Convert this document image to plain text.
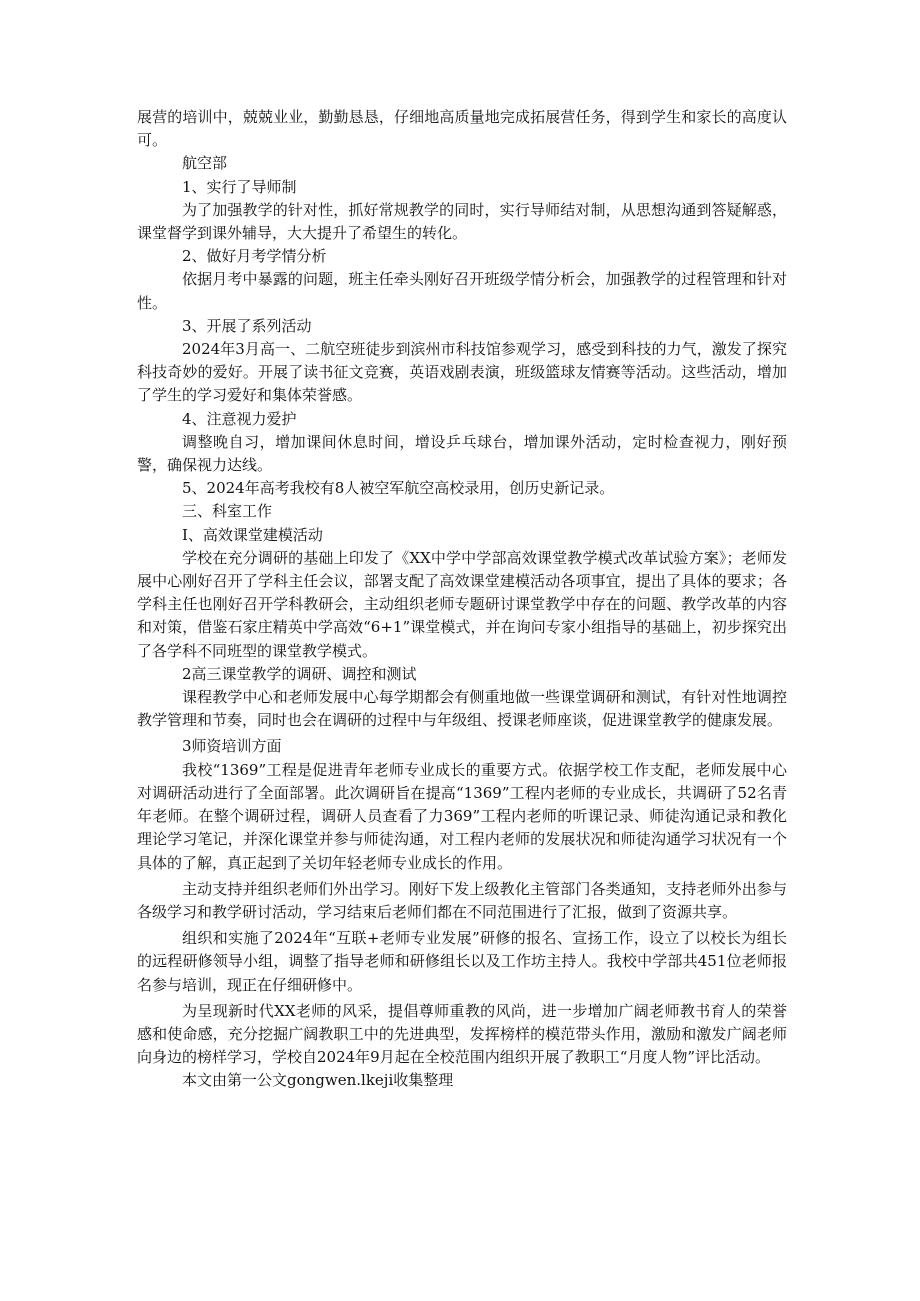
展营的培训中，兢兢业业，勤勤恳恳，仔细地高质量地完成拓展营任务，得到学生和家长的高度认可。

航空部

1、实行了导师制

为了加强教学的针对性，抓好常规教学的同时，实行导师结对制，从思想沟通到答疑解惑，课堂督学到课外辅导，大大提升了希望生的转化。

2、做好月考学情分析

依据月考中暴露的问题，班主任牵头刚好召开班级学情分析会，加强教学的过程管理和针对性。

3、开展了系列活动

2024年3月高一、二航空班徒步到滨州市科技馆参观学习，感受到科技的力气，激发了探究科技奇妙的爱好。开展了读书征文竞赛，英语戏剧表演，班级篮球友情赛等活动。这些活动，增加了学生的学习爱好和集体荣誉感。

4、注意视力爱护

调整晚自习，增加课间休息时间，增设乒乓球台，增加课外活动，定时检查视力，刚好预警，确保视力达线。

5、2024年高考我校有8人被空军航空高校录用，创历史新记录。

三、科室工作

I、高效课堂建模活动

学校在充分调研的基础上印发了《XX中学中学部高效课堂教学模式改革试验方案》；老师发展中心刚好召开了学科主任会议，部署支配了高效课堂建模活动各项事宜，提出了具体的要求；各学科主任也刚好召开学科教研会，主动组织老师专题研讨课堂教学中存在的问题、教学改革的内容和对策，借鉴石家庄精英中学高效“6+1”课堂模式，并在询问专家小组指导的基础上，初步探究出了各学科不同班型的课堂教学模式。

2高三课堂教学的调研、调控和测试

课程教学中心和老师发展中心每学期都会有侧重地做一些课堂调研和测试，有针对性地调控教学管理和节奏，同时也会在调研的过程中与年级组、授课老师座谈，促进课堂教学的健康发展。

3师资培训方面

我校“1369”工程是促进青年老师专业成长的重要方式。依据学校工作支配，老师发展中心对调研活动进行了全面部署。此次调研旨在提高“1369”工程内老师的专业成长，共调研了52名青年老师。在整个调研过程，调研人员查看了力369”工程内老师的听课记录、师徒沟通记录和教化理论学习笔记，并深化课堂并参与师徒沟通，对工程内老师的发展状况和师徒沟通学习状况有一个具体的了解，真正起到了关切年轻老师专业成长的作用。

主动支持并组织老师们外出学习。刚好下发上级教化主管部门各类通知，支持老师外出参与各级学习和教学研讨活动，学习结束后老师们都在不同范围进行了汇报，做到了资源共享。

组织和实施了2024年“互联+老师专业发展”研修的报名、宣扬工作，设立了以校长为组长的远程研修领导小组，调整了指导老师和研修组长以及工作坊主持人。我校中学部共451位老师报名参与培训，现正在仔细研修中。

为呈现新时代XX老师的风采，提倡尊师重教的风尚，进一步增加广阔老师教书育人的荣誉感和使命感，充分挖掘广阔教职工中的先进典型，发挥榜样的模范带头作用，激励和激发广阔老师向身边的榜样学习，学校自2024年9月起在全校范围内组织开展了教职工“月度人物”评比活动。

本文由第一公文gongwen.lkeji收集整理
